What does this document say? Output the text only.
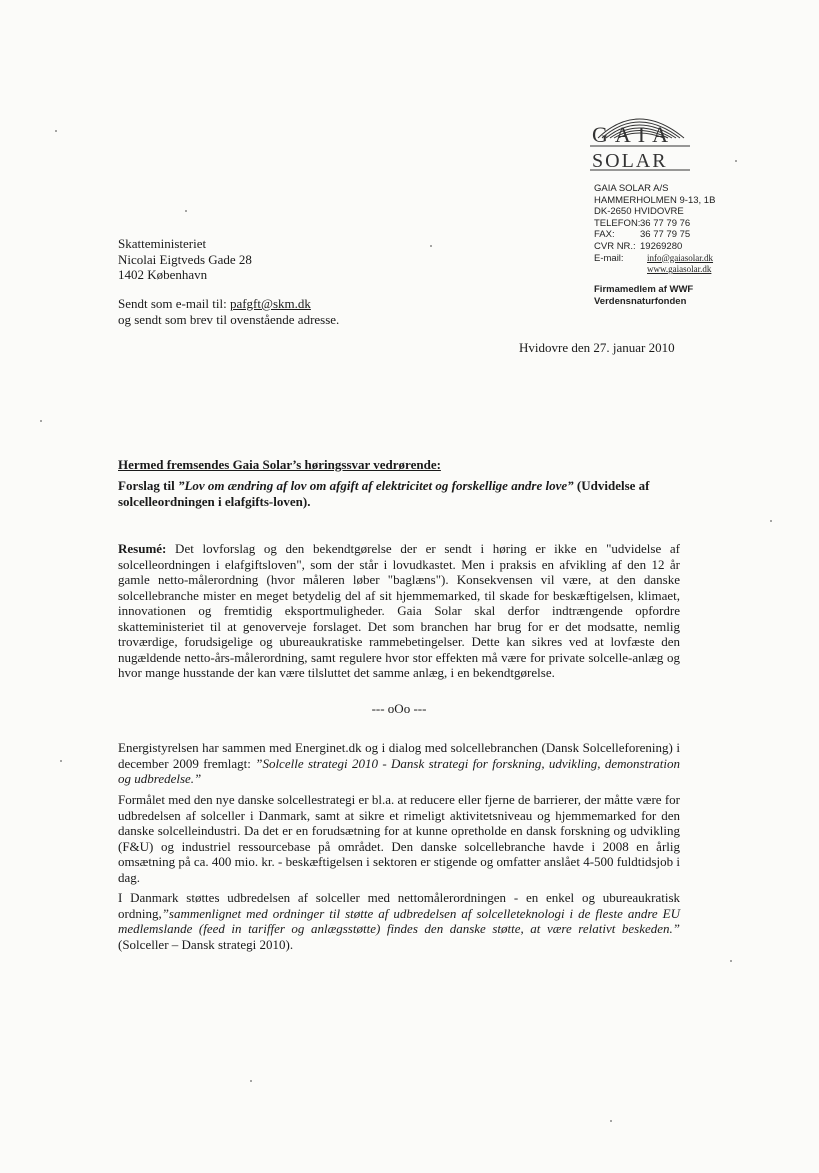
GAIA
SOLAR
GAIA SOLAR A/S
HAMMERHOLMEN 9-13, 1B
DK-2650 HVIDOVRE
TELEFON: 36 77 79 76
FAX:	36 77 79 75
CVR NR.: 19269280
E-mail:	info@gaiasolar.dk
www.gaiasolar.dk
Firmamedlem af WWF
Verdensnaturfonden
Skatteministeriet
Nicolai Eigtveds Gade 28
1402 København
Sendt som e-mail til: pafgft@skm.dk
og sendt som brev til ovenstående adresse.
Hvidovre den 27. januar 2010
Hermed fremsendes Gaia Solar’s høringssvar vedrørende:
Forslag til ”Lov om ændring af lov om afgift af elektricitet og forskellige andre love” (Udvidelse af solcelleordningen i elafgifts-loven).
Resumé: Det lovforslag og den bekendtgørelse der er sendt i høring er ikke en "udvidelse af solcelleordningen i elafgiftsloven", som der står i lovudkastet. Men i praksis en afvikling af den 12 år gamle netto-målerordning (hvor måleren løber "baglæns"). Konsekvensen vil være, at den danske solcellebranche mister en meget betydelig del af sit hjemmemarked, til skade for beskæftigelsen, klimaet, innovationen og fremtidig eksportmuligheder. Gaia Solar skal derfor indtrængende opfordre skatteministeriet til at genoverveje forslaget. Det som branchen har brug for er det modsatte, nemlig troværdige, forudsigelige og ubureaukratiske rammebetingelser. Dette kan sikres ved at lovfæste den nugældende netto-års-målerordning, samt regulere hvor stor effekten må være for private solcelle-anlæg og hvor mange husstande der kan være tilsluttet det samme anlæg, i en bekendtgørelse.
--- oOo ---
Energistyrelsen har sammen med Energinet.dk og i dialog med solcellebranchen (Dansk Solcelleforening) i december 2009 fremlagt: ”Solcelle strategi 2010 - Dansk strategi for forskning, udvikling, demonstration og udbredelse.”
Formålet med den nye danske solcellestrategi er bl.a. at reducere eller fjerne de barrierer, der måtte være for udbredelsen af solceller i Danmark, samt at sikre et rimeligt aktivitetsniveau og hjemmemarked for den danske solcelleindustri. Da det er en forudsætning for at kunne opretholde en dansk forskning og udvikling (F&U) og industriel ressourcebase på området. Den danske solcellebranche havde i 2008 en årlig omsætning på ca. 400 mio. kr. - beskæftigelsen i sektoren er stigende og omfatter anslået 4-500 fuldtidsjob i dag.
I Danmark støttes udbredelsen af solceller med nettomålerordningen - en enkel og ubureaukratisk ordning,”sammenlignet med ordninger til støtte af udbredelsen af solcelleteknologi i de fleste andre EU medlemslande (feed in tariffer og anlægsstøtte) findes den danske støtte, at være relativt beskeden.” (Solceller – Dansk strategi 2010).
